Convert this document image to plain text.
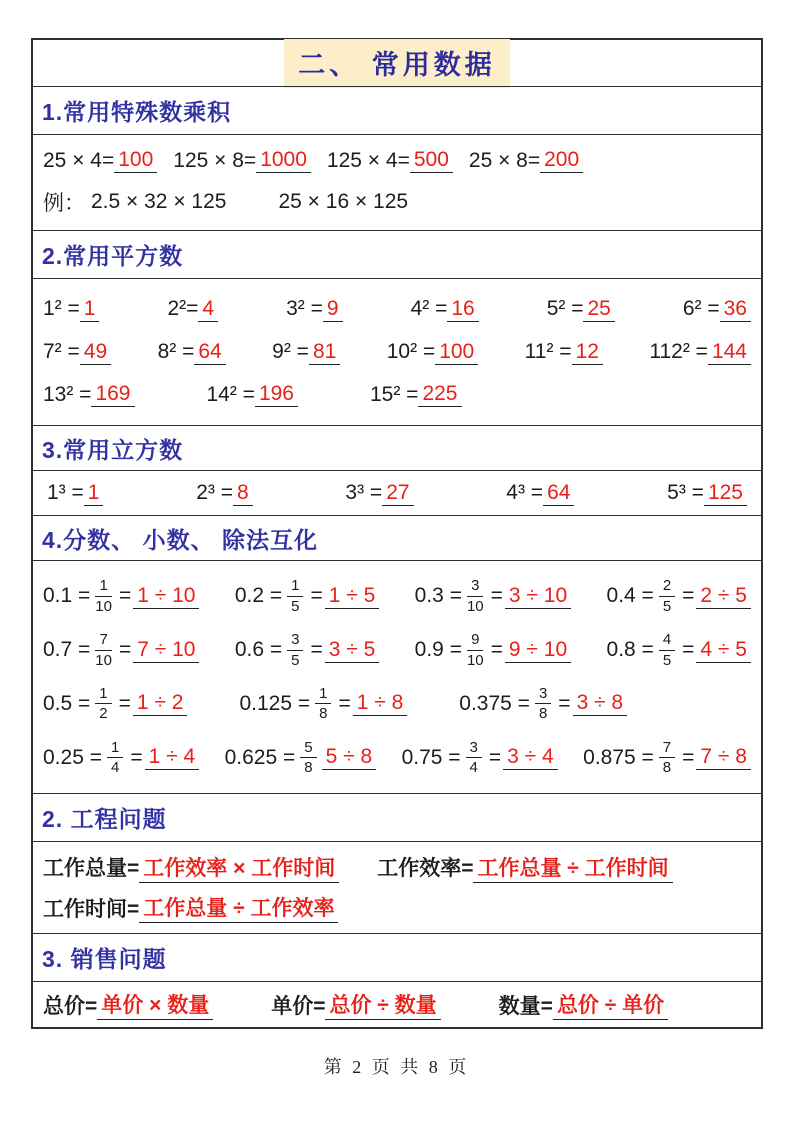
二、 常用数据
1.常用特殊数乘积
25 × 4= 100 125 × 8= 1000 125 × 4= 500 25 × 8= 200
例： 2.5 × 32 × 125 25 × 16 × 125
2.常用平方数
1² = 1	2²= 4	3² = 9	4² = 16	5² = 25	6² = 36
7² = 49 8² = 64 9² = 81 10² = 100 11² = 12 112² = 144
13² = 169	14² = 196	15² = 225
3.常用立方数
1³ = 1	2³ = 8	3³ = 27	4³ = 64	5³ = 125
4.分数、 小数、 除法互化
$0.1 = \frac{1}{10} = 1 \div 10$ $0.2 = \frac{1}{5} = 1 \div 5$ $0.3 = \frac{3}{10} = 3 \div 10$ $0.4 = \frac{2}{5} = 2 \div 5$
$0.7 = \frac{7}{10} = 7 \div 10$ $0.6 = \frac{3}{5} = 3 \div 5$ $0.9 = \frac{9}{10} = 9 \div 10$ $0.8 = \frac{4}{5} = 4 \div 5$
$0.5 = \frac{1}{2} = 1 \div 2$	$0.125 = \frac{1}{8} = 1 \div 8$	$0.375 = \frac{3}{8} = 3 \div 8$
$0.25 = \frac{1}{4} = 1 \div 4$ $0.625 = \frac{5}{8} 5 \div 8$ $0.75 = \frac{3}{4} = 3 \div 4$ $0.875 = \frac{7}{8} = 7 \div 8$
2. 工程问题
工作总量= 工作效率 × 工作时间 工作效率= 工作总量 ÷ 工作时间
工作时间= 工作总量 ÷ 工作效率
3. 销售问题
总价= 单价 × 数量	单价= 总价 ÷ 数量	数量= 总价 ÷ 单价
第 2 页 共 8 页
